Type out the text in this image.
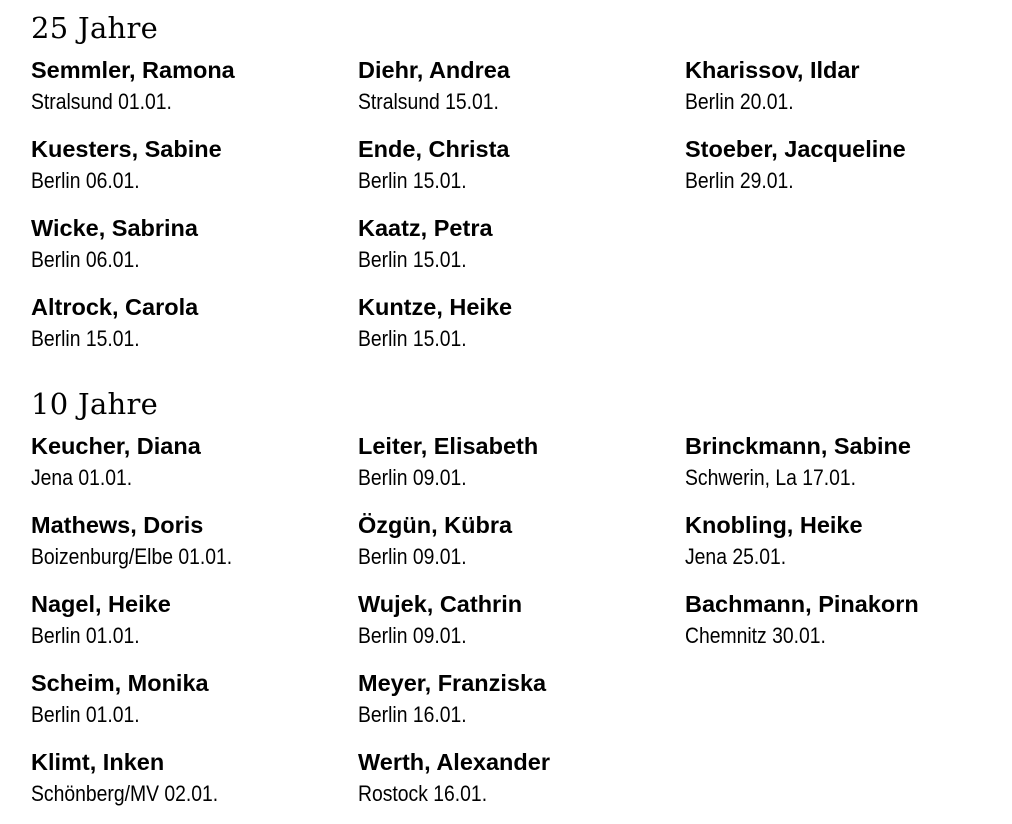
25 Jahre
Semmler, Ramona
Stralsund 01.01.
Kuesters, Sabine
Berlin 06.01.
Wicke, Sabrina
Berlin 06.01.
Altrock, Carola
Berlin 15.01.
Diehr, Andrea
Stralsund 15.01.
Ende, Christa
Berlin 15.01.
Kaatz, Petra
Berlin 15.01.
Kuntze, Heike
Berlin 15.01.
Kharissov, Ildar
Berlin 20.01.
Stoeber, Jacqueline
Berlin 29.01.
10 Jahre
Keucher, Diana
Jena 01.01.
Mathews, Doris
Boizenburg/Elbe 01.01.
Nagel, Heike
Berlin 01.01.
Scheim, Monika
Berlin 01.01.
Klimt, Inken
Schönberg/MV 02.01.
Leiter, Elisabeth
Berlin 09.01.
Özgün, Kübra
Berlin 09.01.
Wujek, Cathrin
Berlin 09.01.
Meyer, Franziska
Berlin 16.01.
Werth, Alexander
Rostock 16.01.
Brinckmann, Sabine
Schwerin, La 17.01.
Knobling, Heike
Jena 25.01.
Bachmann, Pinakorn
Chemnitz 30.01.
